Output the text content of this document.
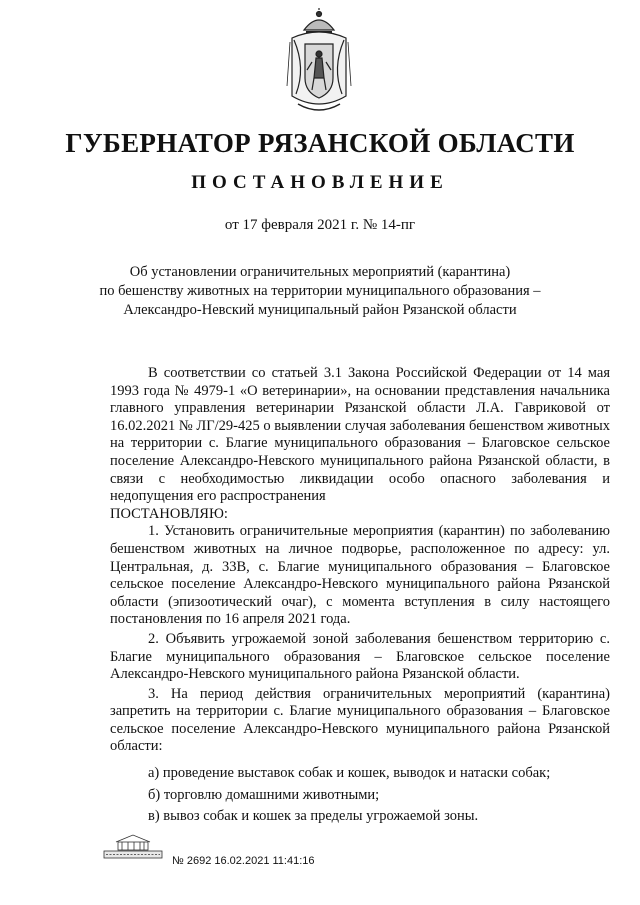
ГУБЕРНАТОР РЯЗАНСКОЙ ОБЛАСТИ
ПОСТАНОВЛЕНИЕ
от 17 февраля 2021 г. № 14-пг
Об установлении ограничительных мероприятий (карантина)
по бешенству животных на территории муниципального образования –
Александро-Невский муниципальный район Рязанской области

В соответствии со статьей 3.1 Закона Российской Федерации от 14 мая 1993 года № 4979-1 «О ветеринарии», на основании представления начальника главного управления ветеринарии Рязанской области Л.А. Гавриковой от 16.02.2021 № ЛГ/29-425 о выявлении случая заболевания бешенством животных на территории с. Благие муниципального образования – Благовское сельское поселение Александро-Невского муниципального района Рязанской области, в связи с необходимостью ликвидации особо опасного заболевания и недопущения его распространения

ПОСТАНОВЛЯЮ:

1. Установить ограничительные мероприятия (карантин) по заболеванию бешенством животных на личное подворье, расположенное по адресу: ул. Центральная, д. 33В, с. Благие муниципального образования – Благовское сельское поселение Александро-Невского муниципального района Рязанской области (эпизоотический очаг), с момента вступления в силу настоящего постановления по 16 апреля 2021 года.

2. Объявить угрожаемой зоной заболевания бешенством территорию с. Благие муниципального образования – Благовское сельское поселение Александро-Невского муниципального района Рязанской области.

3. На период действия ограничительных мероприятий (карантина) запретить на территории с. Благие муниципального образования – Благовское сельское поселение Александро-Невского муниципального района Рязанской области:

а) проведение выставок собак и кошек, выводок и натаски собак;

б) торговлю домашними животными;

в) вывоз собак и кошек за пределы угрожаемой зоны.

№ 2692 16.02.2021 11:41:16
